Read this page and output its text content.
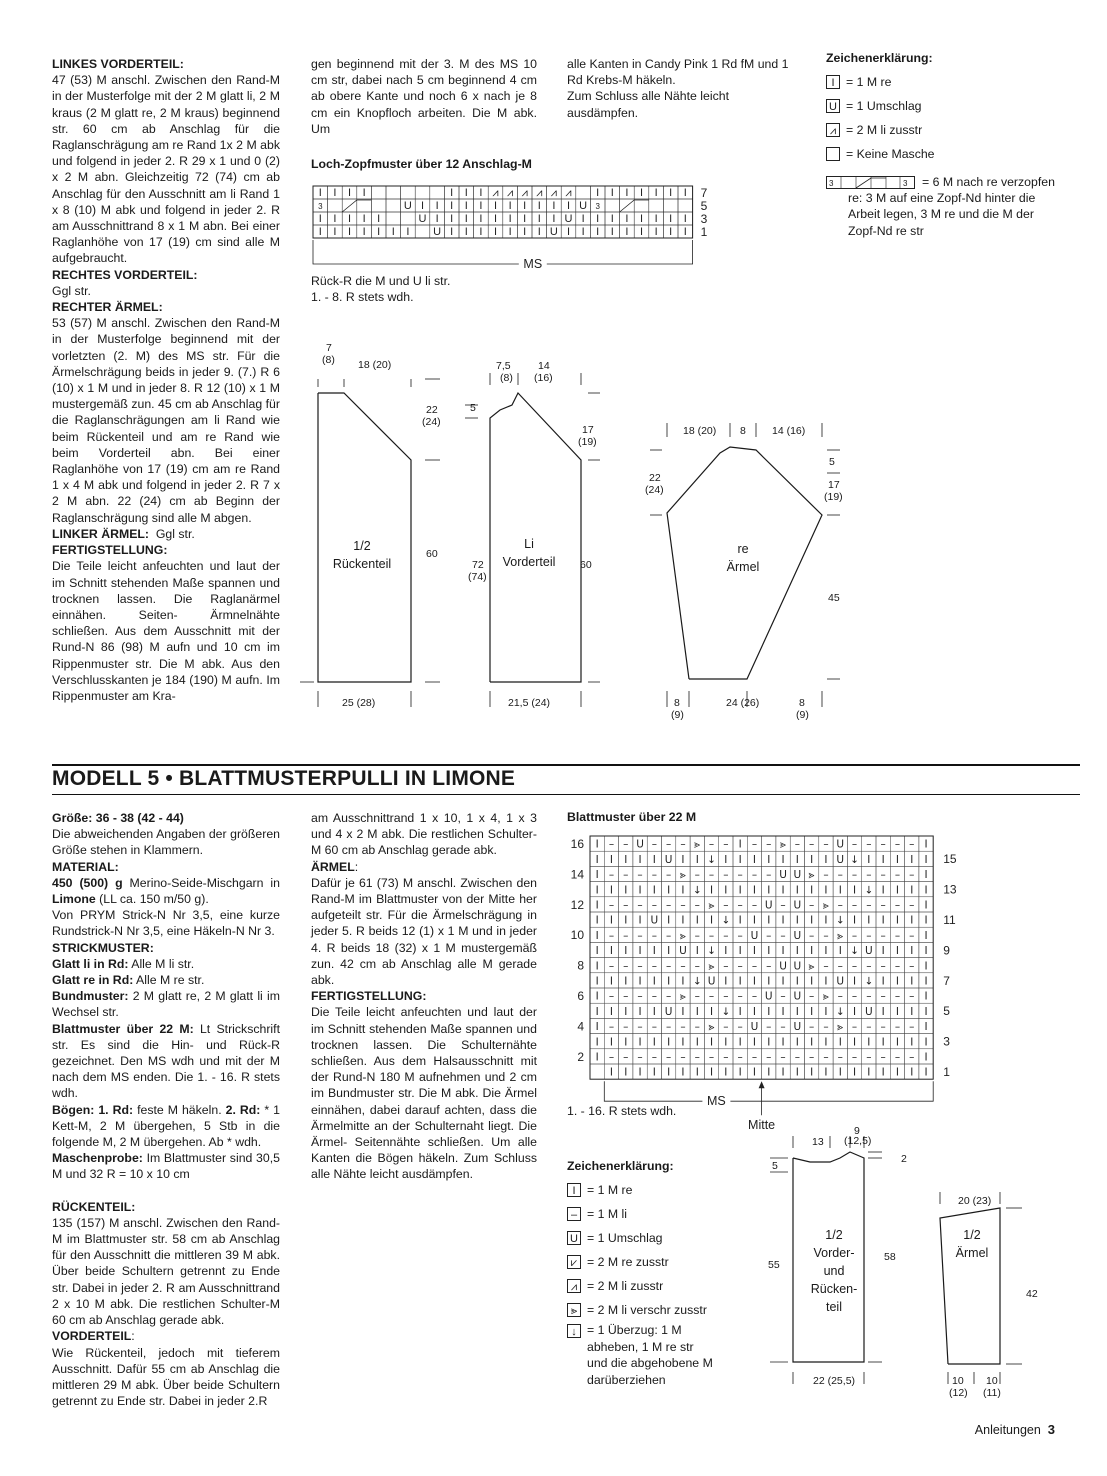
LINKES VORDERTEIL:

47 (53) M anschl. Zwischen den Rand-M in der Musterfolge mit der 2 M glatt li, 2 M kraus (2 M glatt re, 2 M kraus) beginnend str. 60 cm ab Anschlag für die Raglanschrägung am re Rand 1x 2 M abk und folgend in jeder 2. R 29 x 1 und 0 (2) x 2 M abn. Gleichzeitig 72 (74) cm ab Anschlag für den Ausschnitt am li Rand 1 x 8 (10) M abk und folgend in jeder 2. R am Ausschnittrand 8 x 1 M abn. Bei einer Raglanhöhe von 17 (19) cm sind alle M aufgebraucht.

RECHTES VORDERTEIL:

Ggl str.

RECHTER ÄRMEL:

53 (57) M anschl. Zwischen den Rand-M in der Musterfolge beginnend mit der vorletzten (2. M) des MS str. Für die Ärmelschrägung beids in jeder 9. (7.) R 6 (10) x 1 M und in jeder 8. R 12 (10) x 1 M mustergemäß zun. 45 cm ab Anschlag für die Raglanschrägungen am li Rand wie beim Rückenteil und am re Rand wie beim Vorderteil abn. Bei einer Raglanhöhe von 17 (19) cm am re Rand 1 x 4 M abk und folgend in jeder 2. R 7 x 2 M abn. 22 (24) cm ab Beginn der Raglanschrägung sind alle M abgen.

LINKER ÄRMEL: Ggl str.

FERTIGSTELLUNG:

Die Teile leicht anfeuchten und laut der im Schnitt stehenden Maße spannen und trocknen lassen. Die Raglanärmel einnähen. Seiten- Ärmnelnähte schließen. Aus dem Ausschnitt mit der Rund-N 86 (98) M aufn und 10 cm im Rippenmuster str. Die M abk. Aus den Verschlusskanten je 184 (190) M aufn. Im Rippenmuster am Kra-

gen beginnend mit der 3. M des MS 10 cm str, dabei nach 5 cm beginnend 4 cm ab obere Kante und noch 6 x nach je 8 cm ein Knopfloch arbeiten. Die M abk. Um

alle Kanten in Candy Pink 1 Rd fM und 1 Rd Krebs-M häkeln.

Zum Schluss alle Nähte leicht ausdämpfen.

Zeichenerklärung:
I = 1 M re
U = 1 Umschlag
⩘ = 2 M li zusstr
= Keine Masche
3	3	= 6 M nach re verzopfen re: 3 M auf eine Zopf-Nd hinter die Arbeit legen, 3 M re und die M der Zopf-Nd re str

Loch-Zopfmuster über 12 Anschlag-M
I I I I	I I I ⩘ ⩘ ⩘ ⩘ ⩘ ⩘ I I I I I I I
3	U I I I I I I I I I I I U 3
I I I I I	U I I I I I I I I I U I I I I I I I I
I I I I I I I U I I I I I I I U I I I I I I I I I
7
5
3
1
MS

Rück-R die M und U li str.

1. - 8. R stets wdh.

7
(8) 18 (20)
22
(24)
60
25 (28)
7,5
(8)
14
(16)
5
17
(19)
72
(74)
60
21,5 (24)
18 (20) 8 14 (16)
5
22
(24)	17
(19)
45
8
(9)
24 (26)	8
(9)
1/2
Rückenteil
Li
Vorderteil
re
Ärmel
MODELL 5 • BLATTMUSTERPULLI IN LIMONE

Größe: 36 - 38 (42 - 44)

Die abweichenden Angaben der größeren Größe stehen in Klammern.

MATERIAL:

450 (500) g Merino-Seide-Mischgarn in Limone (LL ca. 150 m/50 g).

Von PRYM Strick-N Nr 3,5, eine kurze Rundstrick-N Nr 3,5, eine Häkeln-N Nr 3.

STRICKMUSTER:

Glatt li in Rd: Alle M li str.

Glatt re in Rd: Alle M re str.

Bundmuster: 2 M glatt re, 2 M glatt li im Wechsel str.

Blattmuster über 22 M: Lt Strickschrift str. Es sind die Hin- und Rück-R gezeichnet. Den MS wdh und mit der M nach dem MS enden. Die 1. - 16. R stets wdh.

Bögen: 1. Rd: feste M häkeln. 2. Rd: * 1 Kett-M, 2 M übergehen, 5 Stb in die folgende M, 2 M übergehen. Ab * wdh.

Maschenprobe: Im Blattmuster sind 30,5 M und 32 R = 10 x 10 cm

RÜCKENTEIL:

135 (157) M anschl. Zwischen den Rand-M im Blattmuster str. 58 cm ab Anschlag für den Ausschnitt die mittleren 39 M abk. Über beide Schultern getrennt zu Ende str. Dabei in jeder 2. R am Ausschnittrand 2 x 10 M abk. Die restlichen Schulter-M 60 cm ab Anschlag gerade abk.

VORDERTEIL:

Wie Rückenteil, jedoch mit tieferem Ausschnitt. Dafür 55 cm ab Anschlag die mittleren 29 M abk. Über beide Schultern getrennt zu Ende str. Dabei in jeder 2.R

am Ausschnittrand 1 x 10, 1 x 4, 1 x 3 und 4 x 2 M abk. Die restlichen Schulter-M 60 cm ab Anschlag gerade abk.

ÄRMEL:

Dafür je 61 (73) M anschl. Zwischen den Rand-M im Blattmuster von der Mitte her aufgeteilt str. Für die Ärmelschrägung in jeder 5. R beids 12 (1) x 1 M und in jeder 4. R beids 18 (32) x 1 M mustergemäß zun. 42 cm ab Anschlag alle M gerade abk.

FERTIGSTELLUNG:

Die Teile leicht anfeuchten und laut der im Schnitt stehenden Maße spannen und trocknen lassen. Die Schulternähte schließen. Aus dem Halsausschnitt mit der Rund-N 180 M aufnehmen und 2 cm im Bundmuster str. Die M abk. Die Ärmel einnähen, dabei darauf achten, dass die Ärmelmitte an der Schulternaht liegt. Die Ärmel- Seitennähte schließen. Um alle Kanten die Bögen häkeln. Zum Schluss alle Nähte leicht ausdämpfen.

Blattmuster über 22 M
I – – U – – – ⪢ – – I – – ⪢ – – – U – – – – – I
I I I I I U I I ↓ I I I I I I I I U ↓ I I I I I
I – – – – – ⪢ – – – – – – U U ⪢ – – – – – – – I
I I I I I I I ↓ I I I I I I I I I I I ↓ I I I I
I – – – – – – – ⪢ – – – U – U – ⪢ – – – – – – I
I I I I U I I I I ↓ I I I I I I I ↓ I I I I I I
I – – – – – ⪢ – – – – U – – U – – ⪢ – – – – – I
I I I I I I U I ↓ I I I I I I I I I ↓ U I I I I
I – – – – – – – ⪢ – – – – U U ⪢ – – – – – – – I
I I I I I I I ↓ U I I I I I I I I U I ↓ I I I I
I – – – – – ⪢ – – – – – U – U – ⪢ – – – – – – I
I I I I I U I I I ↓ I I I I I I I ↓ I U I I I I
I – – – – – – – ⪢ – – U – – U – – ⪢ – – – – – I
I I I I I I I I I I I I I I I I I I I I I I I I
I – – – – – – – – – – – – – – – – – – – – – – I
I I I I I I I I I I I I I I I I I I I I I I I
16
14
12
10
8
6
4
2
15
13
11
9
7
5
3
1
MS
Mitte
1. - 16. R stets wdh.
Zeichenerklärung:
I = 1 M re
– = 1 M li
U = 1 Umschlag
⩗ = 2 M re zusstr
⩘ = 2 M li zusstr
⪢ = 2 M li verschr zusstr
↓ = 1 Überzug: 1 M abheben, 1 M re str und die abgehobene M darüberziehen
9
(12,5)
13
2
5
55
58
22 (25,5)
20 (23)
42
10
(12)
10
(11)
1/2
Vorder-
und
Rücken-
teil
1/2
Ärmel
Anleitungen 3
